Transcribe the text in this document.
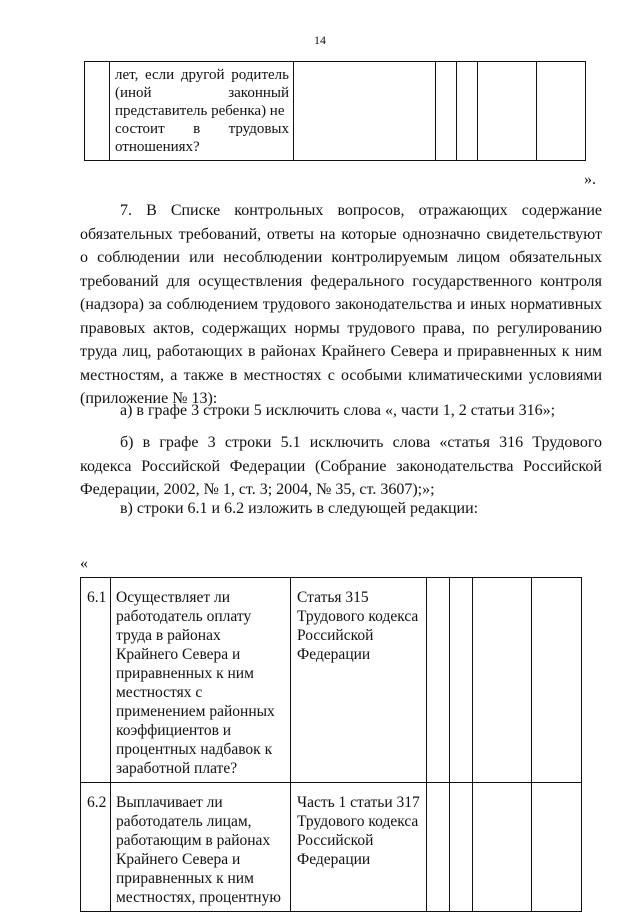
14

лет, если другой родитель
(иной законный
представитель ребенка) не
состоит в трудовых
отношениях?

».

7. В Списке контрольных вопросов, отражающих содержание обязательных требований, ответы на которые однозначно свидетельствуют о соблюдении или несоблюдении контролируемым лицом обязательных требований для осуществления федерального государственного контроля (надзора) за соблюдением трудового законодательства и иных нормативных правовых актов, содержащих нормы трудового права, по регулированию труда лиц, работающих в районах Крайнего Севера и приравненных к ним местностям, а также в местностях с особыми климатическими условиями (приложение № 13):

а) в графе 3 строки 5 исключить слова «, части 1, 2 статьи 316»;

б) в графе 3 строки 5.1 исключить слова «статья 316 Трудового кодекса Российской Федерации (Собрание законодательства Российской Федерации, 2002, № 1, ст. 3; 2004, № 35, ст. 3607);»;

в) строки 6.1 и 6.2 изложить в следующей редакции:

«
6.1	Осуществляет ли работодатель оплату труда в районах Крайнего Севера и приравненных к ним местностях с применением районных коэффициентов и процентных надбавок к заработной плате?	Статья 315 Трудового кодекса Российской Федерации				

6.2	Выплачивает ли работодатель лицам, работающим в районах Крайнего Севера и приравненных к ним местностях, процентную	Часть 1 статьи 317 Трудового кодекса Российской Федерации				
